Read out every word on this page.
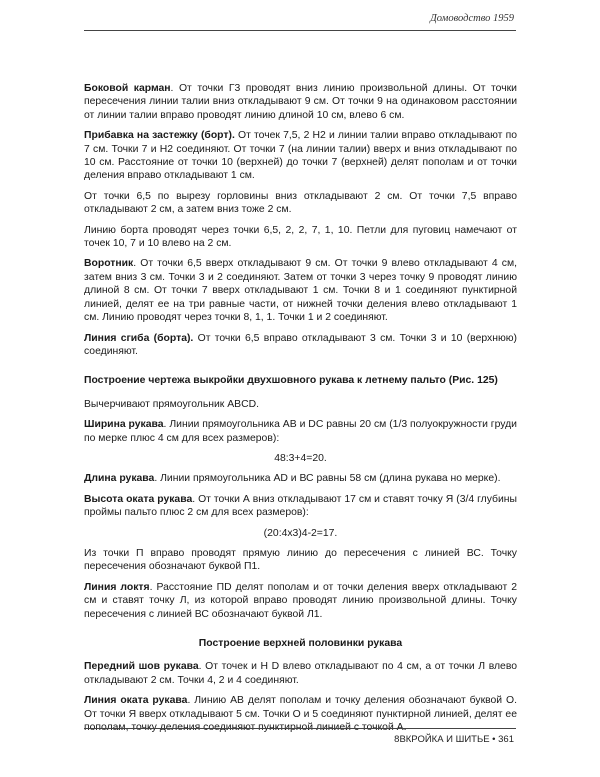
Домоводство 1959

Боковой карман. От точки Г3 проводят вниз линию произвольной длины. От точки пересечения линии талии вниз откладывают 9 см. От точки 9 на одинаковом расстоянии от линии талии вправо проводят линию длиной 10 см, влево 6 см.

Прибавка на застежку (борт). От точек 7,5, 2 Н2 и линии талии вправо откладывают по 7 см. Точки 7 и Н2 соединяют. От точки 7 (на линии талии) вверх и вниз откладывают по 10 см. Расстояние от точки 10 (верхней) до точки 7 (верхней) делят пополам и от точки деления вправо откладывают 1 см.

От точки 6,5 по вырезу горловины вниз откладывают 2 см. От точки 7,5 вправо откладывают 2 см, а затем вниз тоже 2 см.

Линию борта проводят через точки 6,5, 2, 2, 7, 1, 10. Петли для пуговиц намечают от точек 10, 7 и 10 влево на 2 см.

Воротник. От точки 6,5 вверх откладывают 9 см. От точки 9 влево откладывают 4 см, затем вниз 3 см. Точки 3 и 2 соединяют. Затем от точки 3 через точку 9 проводят линию длиной 8 см. От точки 7 вверх откладывают 1 см. Точки 8 и 1 соединяют пунктирной линией, делят ее на три равные части, от нижней точки деления влево откладывают 1 см. Линию проводят через точки 8, 1, 1. Точки 1 и 2 соединяют.

Линия сгиба (борта). От точки 6,5 вправо откладывают 3 см. Точки 3 и 10 (верхнюю) соединяют.

Построение чертежа выкройки двухшовного рукава к летнему пальто (Рис. 125)

Вычерчивают прямоугольник ABCD.

Ширина рукава. Линии прямоугольника АВ и DC равны 20 см (1/3 полуокружности груди по мерке плюс 4 см для всех размеров):

48:3+4=20.

Длина рукава. Линии прямоугольника AD и ВС равны 58 см (длина рукава но мерке).

Высота оката рукава. От точки А вниз откладывают 17 см и ставят точку Я (3/4 глубины проймы пальто плюс 2 см для всех размеров):

(20:4х3)4-2=17.

Из точки П вправо проводят прямую линию до пересечения с линией ВС. Точку пересечения обозначают буквой П1.

Линия локтя. Расстояние ПD делят пополам и от точки деления вверх откладывают 2 см и ставят точку Л, из которой вправо проводят линию произвольной длины. Точку пересечения с линией ВС обозначают буквой Л1.

Построение верхней половинки рукава

Передний шов рукава. От точек и Н D влево откладывают по 4 см, а от точки Л влево откладывают 2 см. Точки 4, 2 и 4 соединяют.

Линия оката рукава. Линию АВ делят пополам и точку деления обозначают буквой О. От точки Я вверх откладывают 5 см. Точки О и 5 соединяют пунктирной линией, делят ее пополам, точку деления соединяют пунктирной линией с точкой А.

8ВКРОЙКА И ШИТЬЕ • 361
